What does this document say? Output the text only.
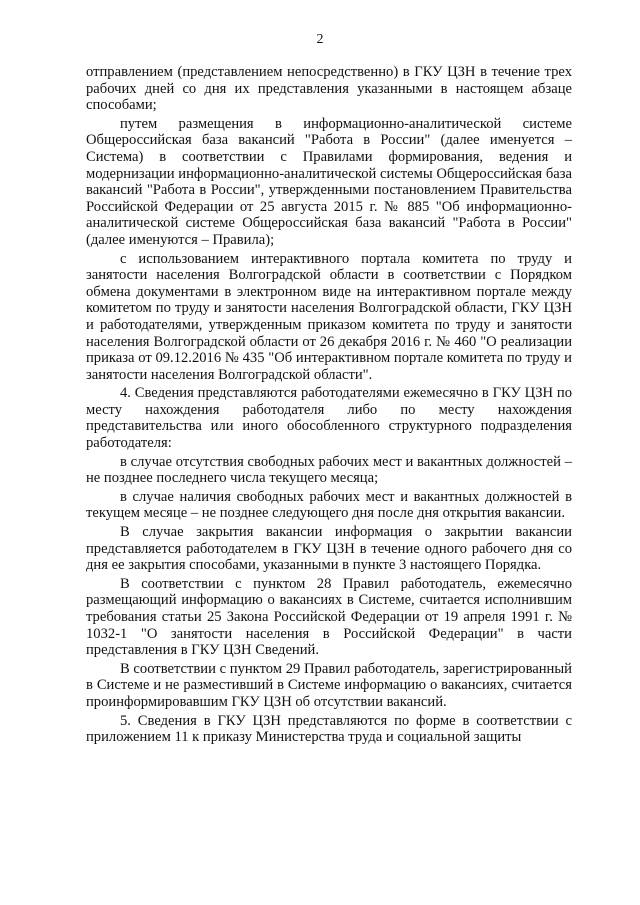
2

отправлением (представлением непосредственно) в ГКУ ЦЗН в течение трех рабочих дней со дня их представления указанными в настоящем абзаце способами;

путем размещения в информационно-аналитической системе Общероссийская база вакансий "Работа в России" (далее именуется – Система) в соответствии с Правилами формирования, ведения и модернизации информационно-аналитической системы Общероссийская база вакансий "Работа в России", утвержденными постановлением Правительства Российской Федерации от 25 августа 2015 г. № 885 "Об информационно-аналитической системе Общероссийская база вакансий "Работа в России" (далее именуются – Правила);

с использованием интерактивного портала комитета по труду и занятости населения Волгоградской области в соответствии с Порядком обмена документами в электронном виде на интерактивном портале между комитетом по труду и занятости населения Волгоградской области, ГКУ ЦЗН и работодателями, утвержденным приказом комитета по труду и занятости населения Волгоградской области от 26 декабря 2016 г. № 460 "О реализации приказа от 09.12.2016 № 435 "Об интерактивном портале комитета по труду и занятости населения Волгоградской области".

4. Сведения представляются работодателями ежемесячно в ГКУ ЦЗН по месту нахождения работодателя либо по месту нахождения представительства или иного обособленного структурного подразделения работодателя:

в случае отсутствия свободных рабочих мест и вакантных должностей – не позднее последнего числа текущего месяца;

в случае наличия свободных рабочих мест и вакантных должностей в текущем месяце – не позднее следующего дня после дня открытия вакансии.

В случае закрытия вакансии информация о закрытии вакансии представляется работодателем в ГКУ ЦЗН в течение одного рабочего дня со дня ее закрытия способами, указанными в пункте 3 настоящего Порядка.

В соответствии с пунктом 28 Правил работодатель, ежемесячно размещающий информацию о вакансиях в Системе, считается исполнившим требования статьи 25 Закона Российской Федерации от 19 апреля 1991 г. № 1032-1 "О занятости населения в Российской Федерации" в части представления в ГКУ ЦЗН Сведений.

В соответствии с пунктом 29 Правил работодатель, зарегистрированный в Системе и не разместивший в Системе информацию о вакансиях, считается проинформировавшим ГКУ ЦЗН об отсутствии вакансий.

5. Сведения в ГКУ ЦЗН представляются по форме в соответствии с приложением 11 к приказу Министерства труда и социальной защиты
